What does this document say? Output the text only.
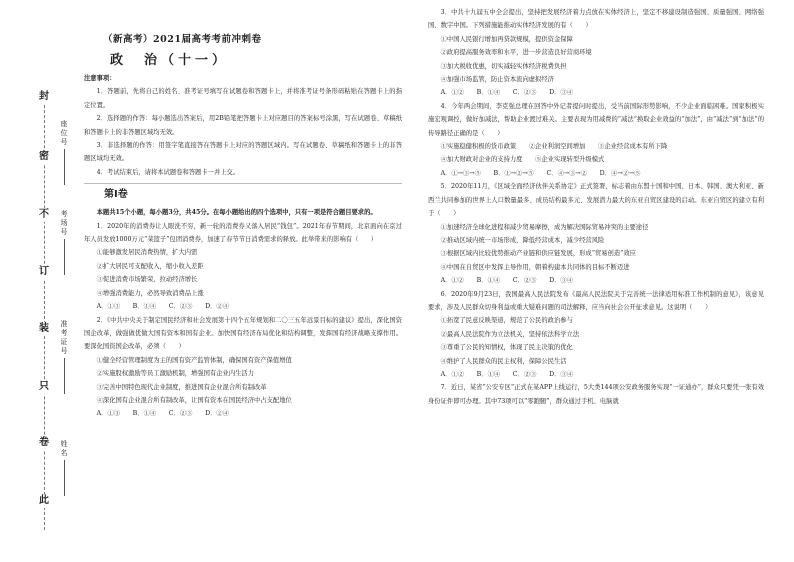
封
密
不
订
装
只
卷
此
座位号
考场号
准考证号
姓名

（新高考）2021届高考考前冲刺卷

政　治（十一）

注意事项：

1．答题前，先将自己的姓名、准考证号填写在试题卷和答题卡上，并将准考证号条形码粘贴在答题卡上的指定位置。

2．选择题的作答：每小题选出答案后，用2B铅笔把答题卡上对应题目的答案标号涂黑，写在试题卷、草稿纸和答题卡上的非答题区域均无效。

3．非选择题的作答：用签字笔直接答在答题卡上对应的答题区域内。写在试题卷、草稿纸和答题卡上的非答题区域均无效。

4．考试结束后，请将本试题卷和答题卡一并上交。

第Ⅰ卷

本题共15个小题，每小题3分，共45分。在每小题给出的四个选项中，只有一项是符合题目要求的。

1．2020年的消费券让人眼洗不穷，新一轮的消费券又落入居民“钱包”。2021年春节期间，北京面向在京过年人员发放1000万元“菜篮子”包团消费券，加速了春节节日消费需求的释放。此举带来的影响有（　　）

①能够激发居民消费热情，扩大内需

②扩大居民可支配收入，缩小收入差距

③促进消费市场繁荣，拉动经济增长

④增强消费能力，必然导致消费品上涨

A．①③　　 B．①④　　 C．②③　　 D．②④

2．《中共中央关于制定国民经济和社会发展第十四个五年规划和二〇三五年远景目标的建议》提出，深化国资国企改革，做强做优做大国有资本和国有企业。加快国有经济布局优化和结构调整，发挥国有经济战略支撑作用。要深化国资国企改革，必须（　　）

①健全经营管理制度为主的国有资产监管体制，确保国有资产保值增值

②实施股权激励等员工激励机制，增强国有企业内生活力

③完善中国特色现代企业制度，推进国有企业混合所有制改革

④深化国有企业混合所有制改革，让国有资本在国民经济中占支配地位

A．①③　　 B．①④　　 C．②③　　 D．②④

3．中共十九届五中全会提出，坚持把发展经济着力点放在实体经济上，坚定不移建设制造强国、质量强国、网络强国、数字中国。下列措施能推动实体经济发展的有（　　）

①中国人民银行增加再贷款规模，提供资金保障

②政府提高服务效率和水平，进一步营造良好营商环境

③加大税收优惠，切实减轻实体经济税费负担

④加强市场监管，防止资本流向虚拟经济

A．①②　　 B．①④　　 C．②③　　 D．③④

4．今年两会期间，李克强总理在回答中外记者提问时提出，受当前国际形势影响，不少企业面临困难。国家积极实施宏观调控，做好加减法，帮助企业渡过难关。主要表现为用减费的“减法”换取企业效益的“加法”，由“减法”到“加法”的传导路径正确的是（　　）

①实施稳健积极的货币政策　　②企业利润空间增加　　③企业经营成本有所下降

④加大财政对企业的支持力度　　⑤企业实现转型升级模式

A．①→③→⑤　　 B．①→②→⑤　　 C．④→③→②　　 D．④→②→⑤

5．2020年11月，《区域全面经济伙伴关系协定》正式签署，标志着由东盟十国和中国、日本、韩国、澳大利亚、新西兰共同参加的世界上人口数量最多、成员结构最多元、发展潜力最大的东亚自贸区建设的启动。东亚自贸区的建立有利于（　　）

①加速经济全球化进程和减少贸易摩擦，成为解决国际贸易冲突的主要途径

②推动区域内统一市场形成，降低经营成本，减少经营风险

③根据区域内比较优势推动产业链和供应链发展，形成“贸易创造”效应

④中国在自贸区中发挥主导作用，朝着构建本共同体的目标不断迈进

A．①②　　 B．①④　　 C．②③　　 D．③④

6．2020年9月23日，我国最高人民法院发布《最高人民法院关于完善统一法律适用标准工作机制的意见》，该意见要求，涉及人民群众切身利益或重大疑难问题的司法解释，应当向社会公开征求意见。这说明（　　）

①拓宽了民意反映渠道，规范了公民的政治参与

②最高人民法院作为立法机关，坚持依法科学立法

③尊重了公民的知情权，体现了民主决策的优化

④维护了人民群众的民主权利，保障公民生活

A．①②　　 B．①④　　 C．②③　　 D．③④

7．近日，某省“公安专区”正式在某APP上线运行，5大类144项公安政务服务实现“一证通办”，群众只要凭一张有效身份证件即可办理。其中73项可以“零跑腿”，群众通过手机、电脑就
